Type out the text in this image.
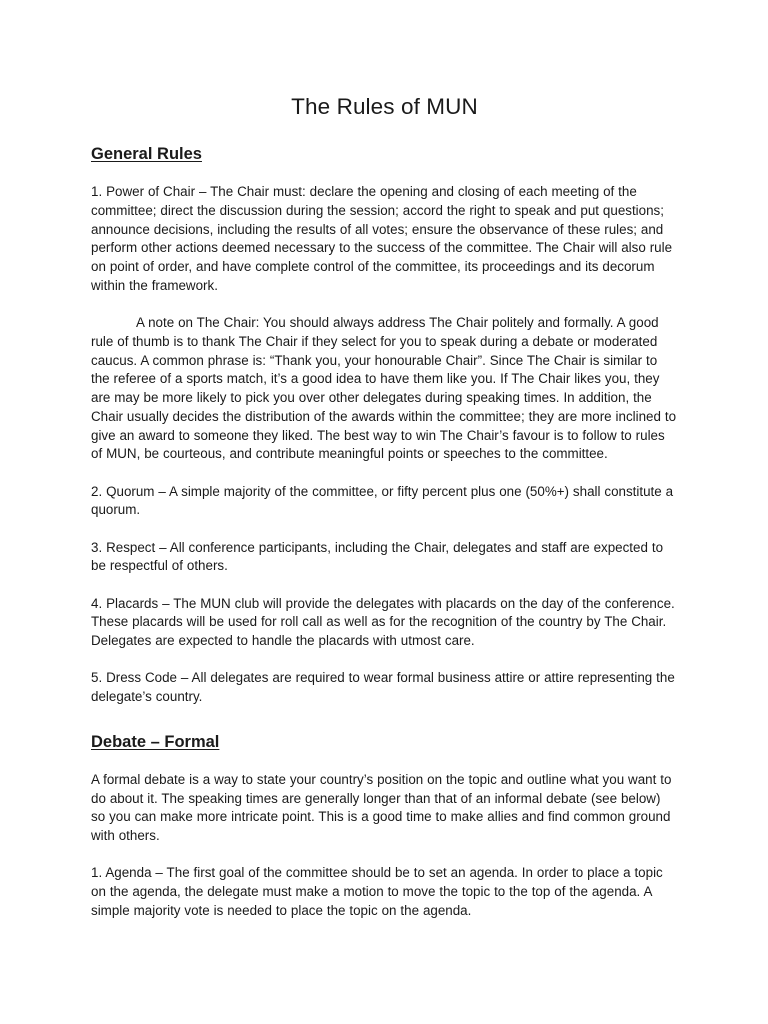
The Rules of MUN
General Rules

1. Power of Chair – The Chair must: declare the opening and closing of each meeting of the committee; direct the discussion during the session; accord the right to speak and put questions; announce decisions, including the results of all votes; ensure the observance of these rules; and perform other actions deemed necessary to the success of the committee. The Chair will also rule on point of order, and have complete control of the committee, its proceedings and its decorum within the framework.

A note on The Chair: You should always address The Chair politely and formally. A good rule of thumb is to thank The Chair if they select for you to speak during a debate or moderated caucus. A common phrase is: “Thank you, your honourable Chair”. Since The Chair is similar to the referee of a sports match, it’s a good idea to have them like you. If The Chair likes you, they are may be more likely to pick you over other delegates during speaking times. In addition, the Chair usually decides the distribution of the awards within the committee; they are more inclined to give an award to someone they liked. The best way to win The Chair’s favour is to follow to rules of MUN, be courteous, and contribute meaningful points or speeches to the committee.

2. Quorum – A simple majority of the committee, or fifty percent plus one (50%+) shall constitute a quorum.

3. Respect – All conference participants, including the Chair, delegates and staff are expected to be respectful of others.

4. Placards – The MUN club will provide the delegates with placards on the day of the conference. These placards will be used for roll call as well as for the recognition of the country by The Chair. Delegates are expected to handle the placards with utmost care.

5. Dress Code – All delegates are required to wear formal business attire or attire representing the delegate’s country.

Debate – Formal

A formal debate is a way to state your country’s position on the topic and outline what you want to do about it. The speaking times are generally longer than that of an informal debate (see below) so you can make more intricate point. This is a good time to make allies and find common ground with others.

1. Agenda – The first goal of the committee should be to set an agenda. In order to place a topic on the agenda, the delegate must make a motion to move the topic to the top of the agenda. A simple majority vote is needed to place the topic on the agenda.
